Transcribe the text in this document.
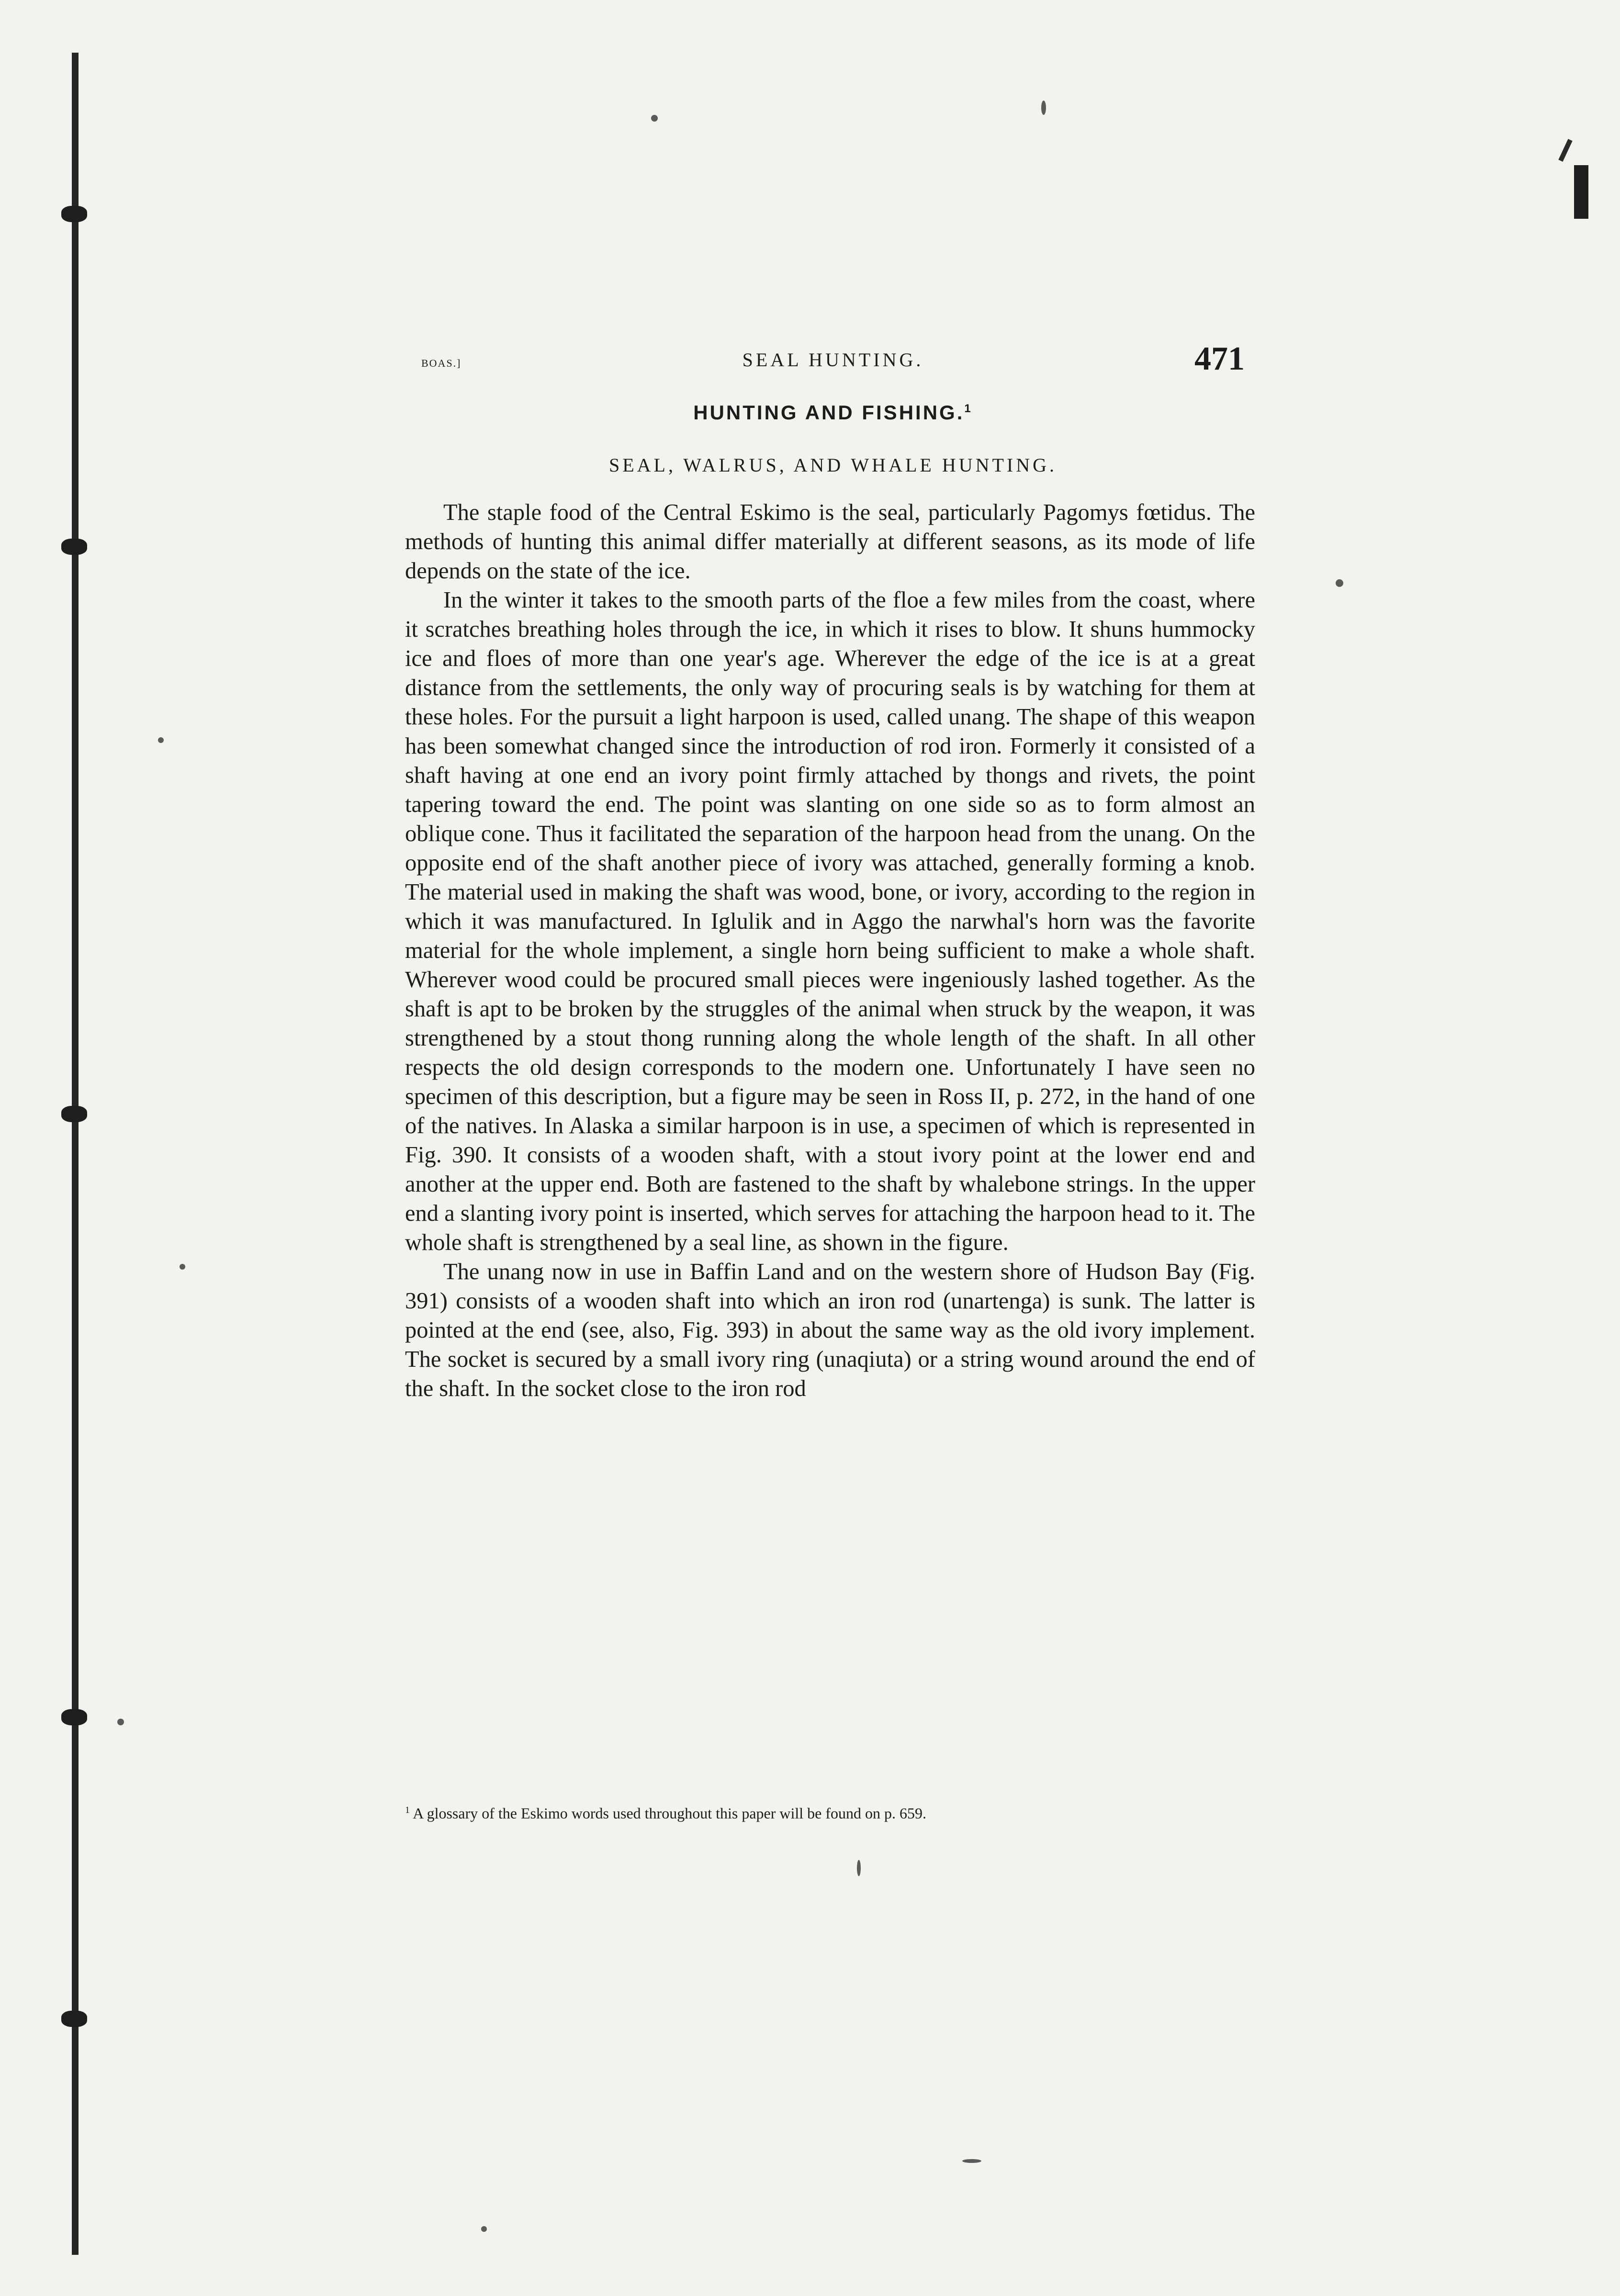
BOAS.]	SEAL HUNTING.	471
HUNTING AND FISHING.$^1$
SEAL, WALRUS, AND WHALE HUNTING.

The staple food of the Central Eskimo is the seal, particularly Pagomys fœtidus. The methods of hunting this animal differ materially at different seasons, as its mode of life depends on the state of the ice.

In the winter it takes to the smooth parts of the floe a few miles from the coast, where it scratches breathing holes through the ice, in which it rises to blow. It shuns hummocky ice and floes of more than one year's age. Wherever the edge of the ice is at a great distance from the settlements, the only way of procuring seals is by watching for them at these holes. For the pursuit a light harpoon is used, called unang. The shape of this weapon has been somewhat changed since the introduction of rod iron. Formerly it consisted of a shaft having at one end an ivory point firmly attached by thongs and rivets, the point tapering toward the end. The point was slanting on one side so as to form almost an oblique cone. Thus it facilitated the separation of the harpoon head from the unang. On the opposite end of the shaft another piece of ivory was attached, generally forming a knob. The material used in making the shaft was wood, bone, or ivory, according to the region in which it was manufactured. In Iglulik and in Aggo the narwhal's horn was the favorite material for the whole implement, a single horn being sufficient to make a whole shaft. Wherever wood could be procured small pieces were ingeniously lashed together. As the shaft is apt to be broken by the struggles of the animal when struck by the weapon, it was strengthened by a stout thong running along the whole length of the shaft. In all other respects the old design corresponds to the modern one. Unfortunately I have seen no specimen of this description, but a figure may be seen in Ross II, p. 272, in the hand of one of the natives. In Alaska a similar harpoon is in use, a specimen of which is represented in Fig. 390. It consists of a wooden shaft, with a stout ivory point at the lower end and another at the upper end. Both are fastened to the shaft by whalebone strings. In the upper end a slanting ivory point is inserted, which serves for attaching the harpoon head to it. The whole shaft is strengthened by a seal line, as shown in the figure.

The unang now in use in Baffin Land and on the western shore of Hudson Bay (Fig. 391) consists of a wooden shaft into which an iron rod (unartenga) is sunk. The latter is pointed at the end (see, also, Fig. 393) in about the same way as the old ivory implement. The socket is secured by a small ivory ring (unaqiuta) or a string wound around the end of the shaft. In the socket close to the iron rod

$^1$ A glossary of the Eskimo words used throughout this paper will be found on p. 659.
